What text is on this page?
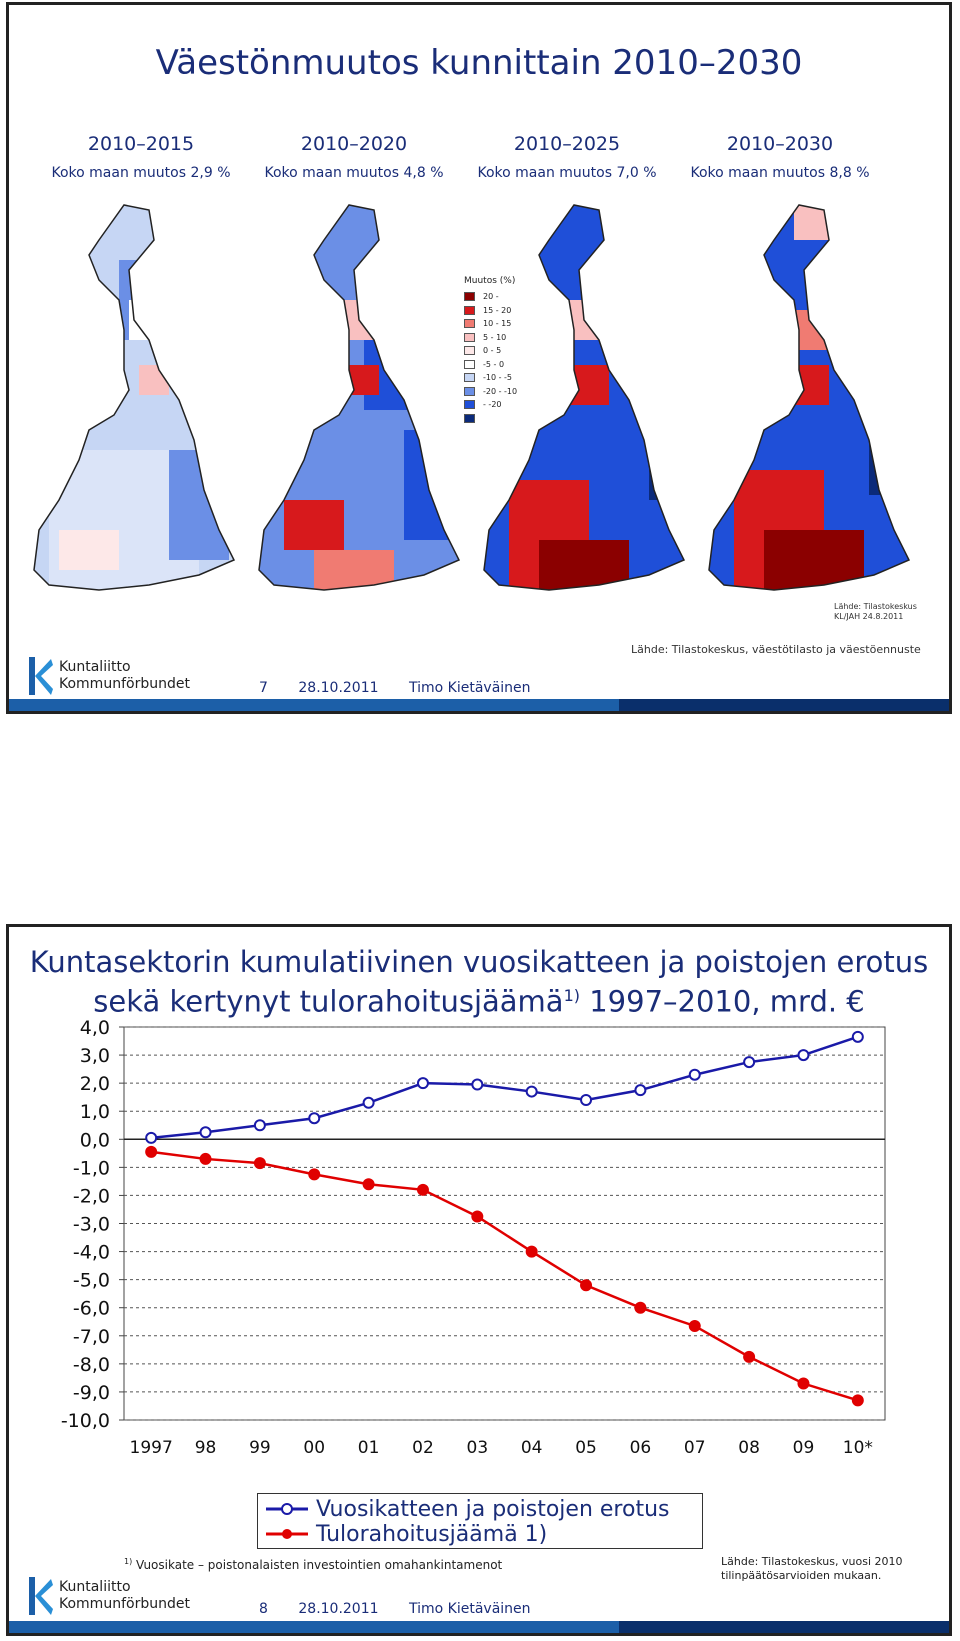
Väestönmuutos kunnittain 2010–2030
2010–2015
Koko maan muutos 2,9 %
2010–2020
Koko maan muutos 4,8 %
2010–2025
Koko maan muutos 7,0 %
2010–2030
Koko maan muutos 8,8 %
Muutos (%)
20 -
15 - 20
10 - 15
5 - 10
0 - 5
-5 - 0
-10 - -5
-20 - -10
- -20
Lähde: Tilastokeskus
KL/JAH 24.8.2011
Lähde: Tilastokeskus, väestötilasto ja väestöennuste
Kuntaliitto
Kommunförbundet	7 28.10.2011 Timo Kietäväinen
Kuntasektorin kumulatiivinen vuosikatteen ja poistojen erotus
sekä kertynyt tulorahoitusjäämä$^{1)}$ 1997–2010, mrd. €
4,0
3,0
2,0
1,0
0,0
-1,0
-2,0
-3,0
-4,0
-5,0
-6,0
-7,0
-8,0
-9,0
-10,0
1997 98 99 00 01 02 03 04 05 06 07 08 09 10*
Vuosikatteen ja poistojen erotus
Tulorahoitusjäämä 1)
$^{1)}$ Vuosikate – poistonalaisten investointien omahankintamenot	Lähde: Tilastokeskus, vuosi 2010
tilinpäätösarvioiden mukaan.
Kuntaliitto
Kommunförbundet	8 28.10.2011 Timo Kietäväinen
